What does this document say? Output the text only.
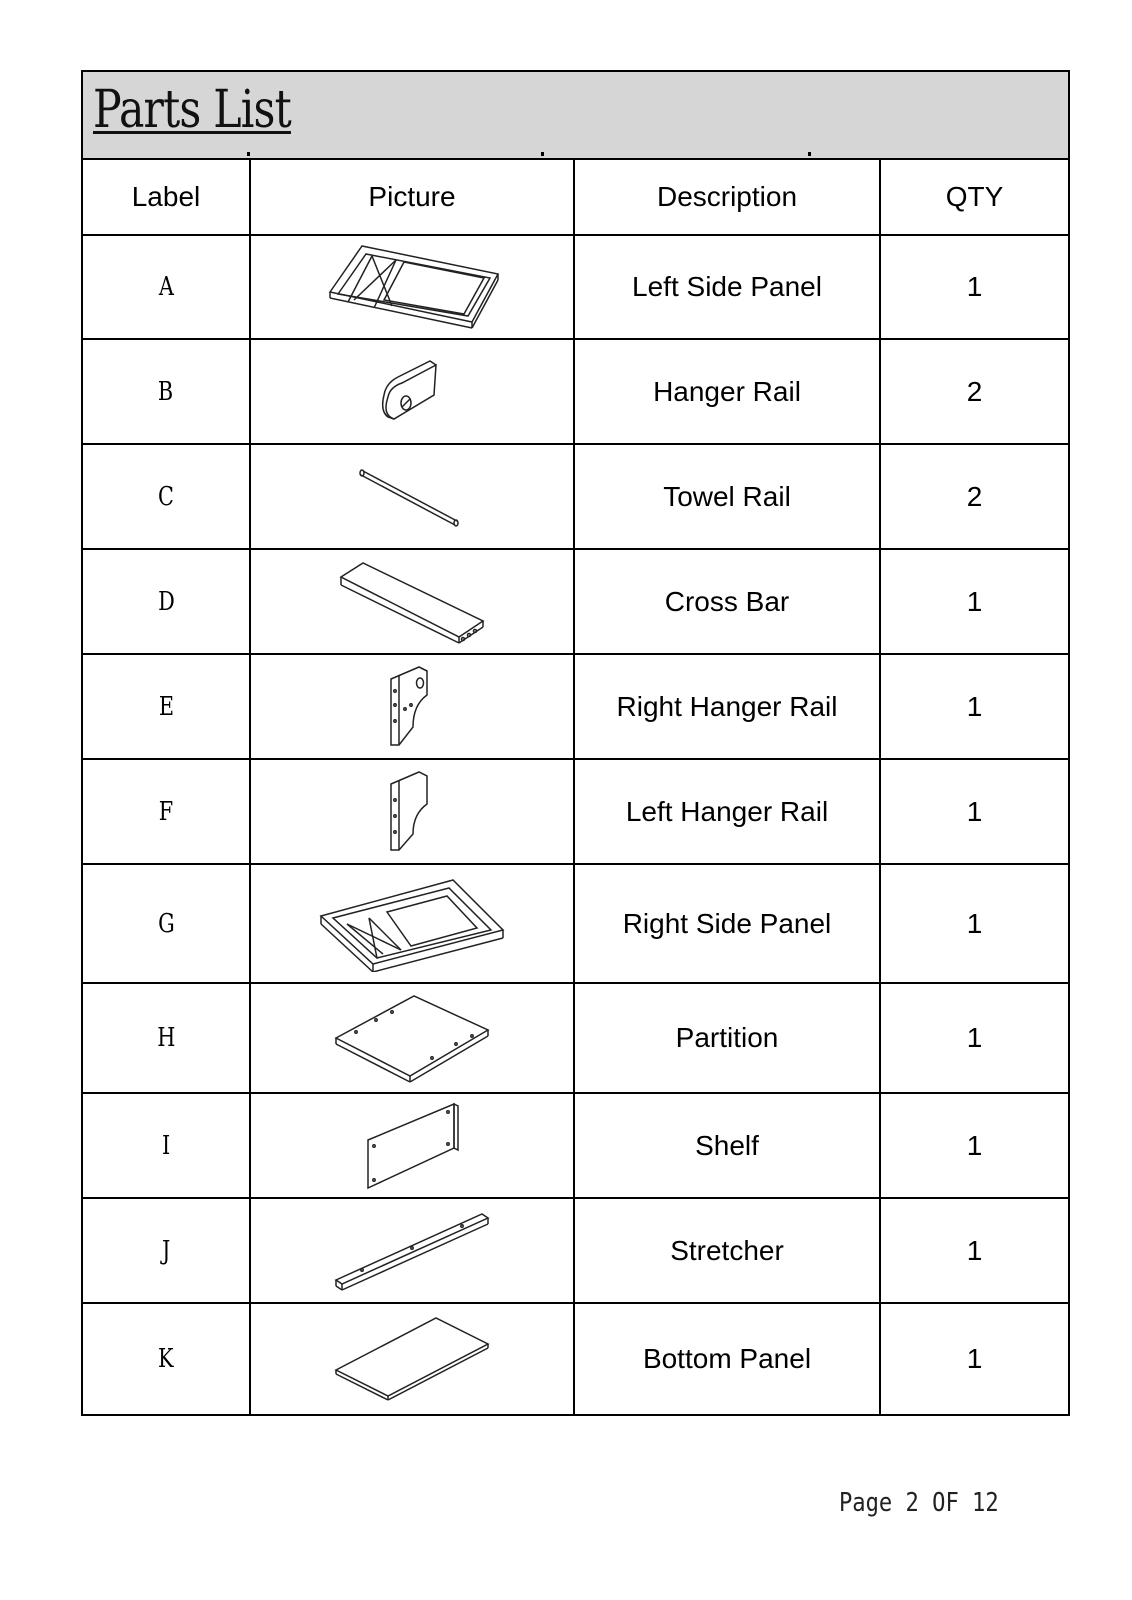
Parts List
Label	Picture	Description	QTY
A		Left Side Panel	1
B		Hanger Rail	2
C		Towel Rail	2
D		Cross Bar	1
E		Right Hanger Rail	1
F		Left Hanger Rail	1
G		Right Side Panel	1
H		Partition	1
I		Shelf	1
J		Stretcher	1
K		Bottom Panel	1
Page 2 OF 12
